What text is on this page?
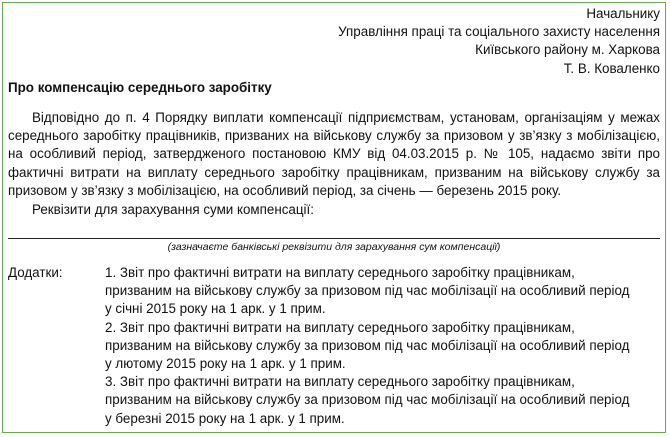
Начальнику
Управління праці та соціального захисту населення
Київського району м. Харкова
Т. В. Коваленко
Про компенсацію середнього заробітку
Відповідно до п. 4 Порядку виплати компенсації підприємствам, установам, організаціям у межах середнього заробітку працівників, призваних на військову службу за призовом у зв’язку з мобілізацією, на особливий період, затвердженого постановою КМУ від 04.03.2015 р. № 105, надаємо звіти про фактичні витрати на виплату середнього заробітку працівникам, призваним на військову службу за призовом у зв’язку з мобілізацією, на особливий період, за січень — березень 2015 року.
Реквізити для зарахування суми компенсації:
(зазначаєте банківські реквізити для зарахування сум компенсації)
Додатки:	1. Звіт про фактичні витрати на виплату середнього заробітку працівникам,
призваним на військову службу за призовом під час мобілізації на особливий період
у січні 2015 року на 1 арк. у 1 прим.
2. Звіт про фактичні витрати на виплату середнього заробітку працівникам,
призваним на військову службу за призовом під час мобілізації на особливий період
у лютому 2015 року на 1 арк. у 1 прим.
3. Звіт про фактичні витрати на виплату середнього заробітку працівникам,
призваним на військову службу за призовом під час мобілізації на особливий період
у березні 2015 року на 1 арк. у 1 прим.
